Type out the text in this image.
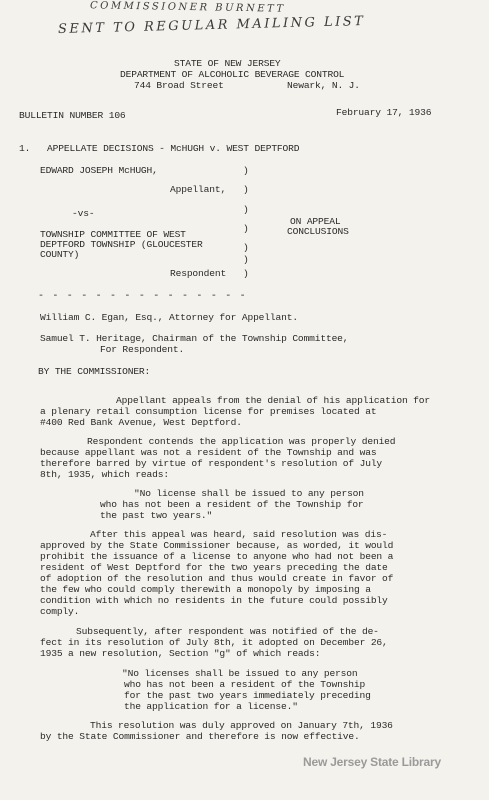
COMMISSIONER BURNETT
SENT TO REGULAR MAILING LIST
STATE OF NEW JERSEY
DEPARTMENT OF ALCOHOLIC BEVERAGE CONTROL
744 Broad Street	Newark, N. J.
BULLETIN NUMBER 106	February 17, 1936
1.   APPELLATE DECISIONS - McHUGH v. WEST DEPTFORD
EDWARD JOSEPH McHUGH,	)
Appellant, )
)
-vs-
)
ON APPEAL
CONCLUSIONS
TOWNSHIP COMMITTEE OF WEST
DEPTFORD TOWNSHIP (GLOUCESTER	)
COUNTY)	)
Respondent )
- - - - - - - - - - - - - - -
William C. Egan, Esq., Attorney for Appellant.
Samuel T. Heritage, Chairman of the Township Committee,
For Respondent.
BY THE COMMISSIONER:
Appellant appeals from the denial of his application for
a plenary retail consumption license for premises located at
#400 Red Bank Avenue, West Deptford.
Respondent contends the application was properly denied
because appellant was not a resident of the Township and was
therefore barred by virtue of respondent's resolution of July
8th, 1935, which reads:
"No license shall be issued to any person
who has not been a resident of the Township for
the past two years."
After this appeal was heard, said resolution was dis-
approved by the State Commissioner because, as worded, it would
prohibit the issuance of a license to anyone who had not been a
resident of West Deptford for the two years preceding the date
of adoption of the resolution and thus would create in favor of
the few who could comply therewith a monopoly by imposing a
condition with which no residents in the future could possibly
comply.
Subsequently, after respondent was notified of the de-
fect in its resolution of July 8th, it adopted on December 26,
1935 a new resolution, Section "g" of which reads:
"No licenses shall be issued to any person
who has not been a resident of the Township
for the past two years immediately preceding
the application for a license."
This resolution was duly approved on January 7th, 1936
by the State Commissioner and therefore is now effective.
New Jersey State Library
